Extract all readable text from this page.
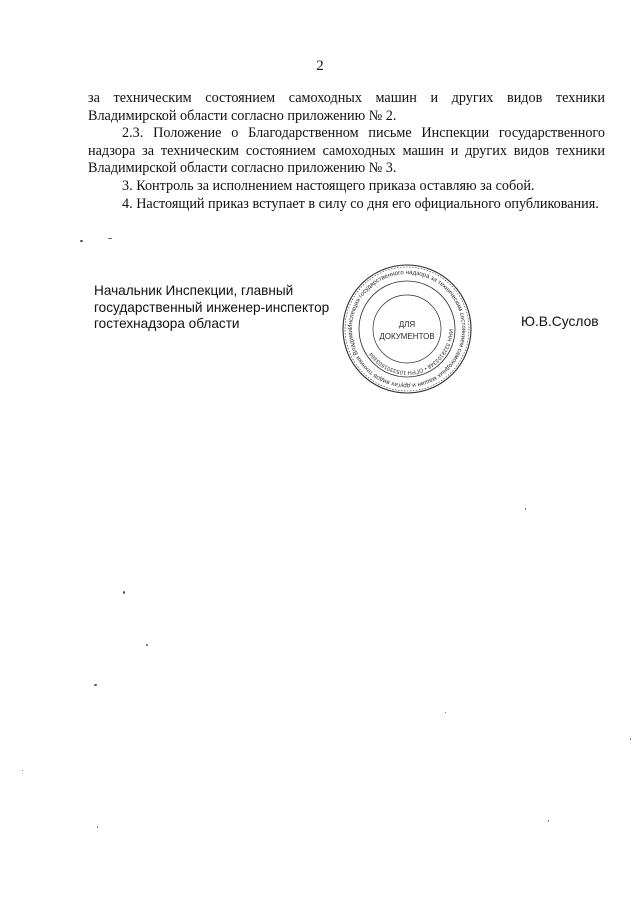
2

за техническим состоянием самоходных машин и других видов техники Владимирской области согласно приложению № 2.

2.3. Положение о Благодарственном письме Инспекции государственного надзора за техническим состоянием самоходных машин и других видов техники Владимирской области согласно приложению № 3.

3. Контроль за исполнением настоящего приказа оставляю за собой.

4. Настоящий приказ вступает в силу со дня его официального опубликования.

Начальник Инспекции, главный
государственный инженер-инспектор
гостехнадзора области	Инспекция государственного надзора за техническим состоянием самоходных машин и других видов техники Владими	ИНН 3328103348 • ОГРН 1053301603384
ДЛЯ
ДОКУМЕНТОВ
Ю.В.Суслов
